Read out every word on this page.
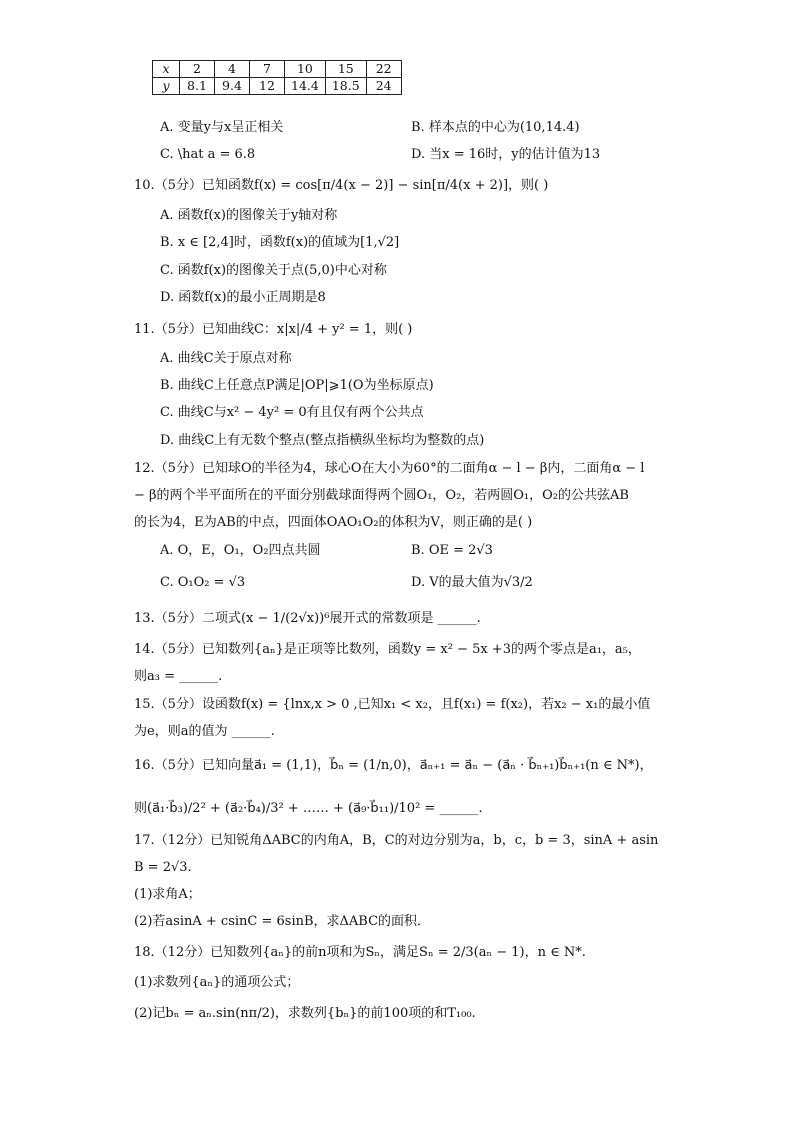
x	2	4	7	10	15	22
y	8.1	9.4	12	14.4	18.5	24
A. 变量y与x呈正相关	B. 样本点的中心为(10,14.4)
C. \hat a = 6.8	D. 当x = 16时，y的估计值为13
10.（5分）已知函数f(x) = cos[π/4(x − 2)] − sin[π/4(x + 2)]，则( )
A. 函数f(x)的图像关于y轴对称
B. x ∈ [2,4]时，函数f(x)的值域为[1,√2]
C. 函数f(x)的图像关于点(5,0)中心对称
D. 函数f(x)的最小正周期是8
11.（5分）已知曲线C：x|x|/4 + y² = 1，则( )
A. 曲线C关于原点对称
B. 曲线C上任意点P满足|OP|⩾1(O为坐标原点)
C. 曲线C与x² − 4y² = 0有且仅有两个公共点
D. 曲线C上有无数个整点(整点指横纵坐标均为整数的点)
12.（5分）已知球O的半径为4，球心O在大小为60°的二面角α − l − β内，二面角α − l
− β的两个半平面所在的平面分别截球面得两个圆O₁，O₂，若两圆O₁，O₂的公共弦AB
的长为4，E为AB的中点，四面体OAO₁O₂的体积为V，则正确的是( )
A. O，E，O₁，O₂四点共圆	B. OE = 2√3
C. O₁O₂ = √3	D. V的最大值为√3/2
13.（5分）二项式(x − 1/(2√x))⁶展开式的常数项是 ______.
14.（5分）已知数列{aₙ}是正项等比数列，函数y = x² − 5x +3的两个零点是a₁，a₅，
则a₃ = ______.
15.（5分）设函数f(x) = {lnx,x > 0 ,已知x₁ < x₂，且f(x₁) = f(x₂)，若x₂ − x₁的最小值
为e，则a的值为 ______.
16.（5分）已知向量a⃗₁ = (1,1)，b⃗ₙ = (1/n,0)，a⃗ₙ₊₁ = a⃗ₙ − (a⃗ₙ · b⃗ₙ₊₁)b⃗ₙ₊₁(n ∈ N*)，
则(a⃗₁·b⃗₃)/2² + (a⃗₂·b⃗₄)/3² + …… + (a⃗₉·b⃗₁₁)/10² = ______.
17.（12分）已知锐角ΔABC的内角A，B，C的对边分别为a，b，c，b = 3，sinA + asin
B = 2√3.
(1)求角A；
(2)若asinA + csinC = 6sinB，求ΔABC的面积．
18.（12分）已知数列{aₙ}的前n项和为Sₙ，满足Sₙ = 2/3(aₙ − 1)，n ∈ N*.
(1)求数列{aₙ}的通项公式；
(2)记bₙ = aₙ.sin(nπ/2)，求数列{bₙ}的前100项的和T₁₀₀.
